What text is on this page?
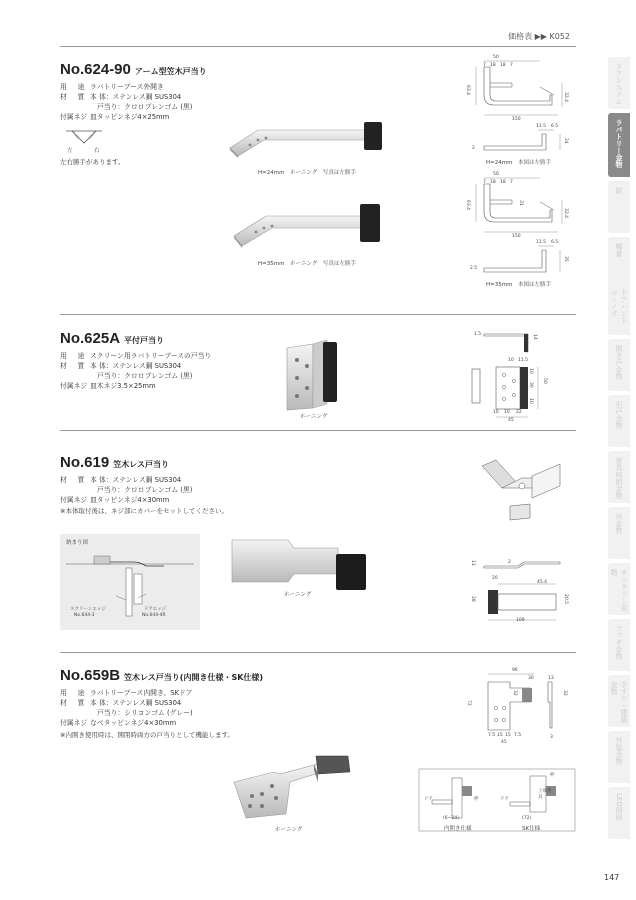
価格表 ▶▶ K052
No.624-90 アーム型笠木戸当り
用　途 ラバトリーブース外開き
材　質 本 体：ステンレス鋼 SUS304
戸当り：クロロプレンゴム (黒)
付属ネジ 皿タッピンネジ4×25mm
左	右
左右勝手があります。
H=24mm　ホーニング　写真は左勝手
H=35mm　ホーニング　写真は左勝手
50
7 18 18 7
63.4
32.4
150
11.5 6.5
24
2
H=24mm　本図は左勝手
50
7 18 18 7
63.4	31
32.4
150
11.5 6.5
35
2.5
H=35mm　本図は左勝手
No.625A 平付戸当り
用　途 スクリーン用ラバトリーブースの戸当り
材　質 本 体：ステンレス鋼 SUS304
戸当り：クロロプレンゴム (黒)
付属ネジ 皿木ネジ3.5×25mm
ホーニング
1.5	14
10 11.5
10
30
50
10
10 10 22
45
No.619 笠木レス戸当り
材　質 本 体：ステンレス鋼 SUS304
戸当り：クロロプレンゴム (黒)
付属ネジ 皿タッピンネジ4×30mm
※本体取付後は、ネジ部にカバーをセットしてください。
納まり図
スクリーンエッジ
No.644-3
ドアエッジ
No.644-4R
ホーニング
11	2
20
45.4
28	20.5
109
No.659B 笠木レス戸当り(内開き仕様・SK仕様)
用　途 ラバトリーブース内開き、SKドア
材　質 本 体：ステンレス鋼 SUS304
戸当り：シリコンゴム (グレー)
付属ネジ なべタッピンネジ4×30mm
※内開き使用時は、開閉時両方の戸当りとして機能します。
ホーニング
96
30	13
32
72
32
7.5 15 15 7.5
45
3
ドア	枠
(6~24)	(72)
ドア
上端金具
枠
内開き仕様	SK仕様
ドアシステム
ラバトリー金物
錠
蝶番
ドアハンドル・ノブ
開き戸金物
引戸金物
家具収納金物
吊金物
サニタリー金物
ファサ金物
手すり・建築金物
外装金物
LED照明
147
